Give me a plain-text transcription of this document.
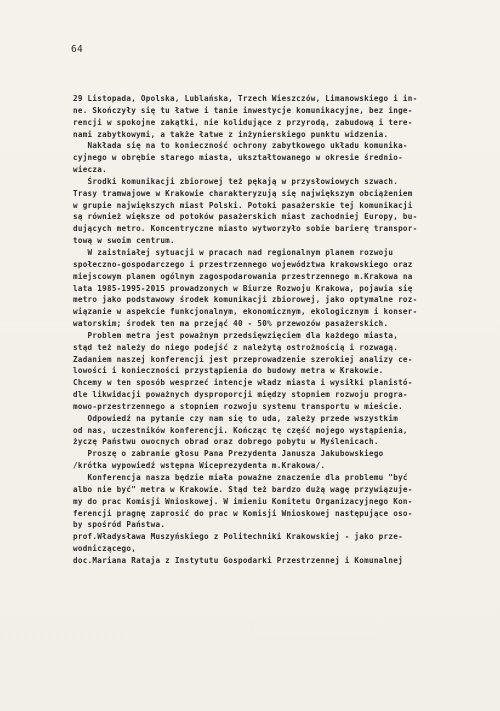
64
29 Listopada, Opolska, Lublańska, Trzech Wieszczów, Limanowskiego i in-
ne. Skończyły się tu łatwe i tanie inwestycje komunikacyjne, bez inge-
rencji w spokojne zakątki, nie kolidujące z przyrodą, zabudową i tere-
nami zabytkowymi, a także łatwe z inżynierskiego punktu widzenia.
Nakłada się na to konieczność ochrony zabytkowego układu komunika-
cyjnego w obrębie starego miasta, ukształtowanego w okresie średnio-
wiecza.
Środki komunikacji zbiorowej też pękają w przysłowiowych szwach.
Trasy tramwajowe w Krakowie charakteryzują się największym obciążeniem
w grupie największych miast Polski. Potoki pasażerskie tej komunikacji
są również większe od potoków pasażerskich miast zachodniej Europy, bu-
dujących metro. Koncentryczne miasto wytworzyło sobie barierę transpor-
tową w swoim centrum.
W zaistniałej sytuacji w pracach nad regionalnym planem rozwoju
społeczno-gospodarczego i przestrzennego województwa krakowskiego oraz
miejscowym planem ogólnym zagospodarowania przestrzennego m.Krakowa na
lata 1985-1995-2015 prowadzonych w Biurze Rozwoju Krakowa, pojawia się
metro jako podstawowy środek komunikacji zbiorowej, jako optymalne roz-
wiązanie w aspekcie funkcjonalnym, ekonomicznym, ekologicznym i konser-
watorskim; środek ten ma przejąć 40 - 50% przewozów pasażerskich.
Problem metra jest poważnym przedsięwzięciem dla każdego miasta,
stąd też należy do niego podejść z należytą ostrożnością i rozwagą.
Zadaniem naszej konferencji jest przeprowadzenie szerokiej analizy ce-
lowości i konieczności przystąpienia do budowy metra w Krakowie.
Chcemy w ten sposób wesprzeć intencje władz miasta i wysiłki planistó-
dle likwidacji poważnych dysproporcji między stopniem rozwoju progra-
mowo-przestrzennego a stopniem rozwoju systemu transportu w mieście.
Odpowiedź na pytanie czy nam się to uda, zależy przede wszystkim
od nas, uczestników konferencji. Kończąc tę część mojego wystąpienia,
życzę Państwu owocnych obrad oraz dobrego pobytu w Myślenicach.
Proszę o zabranie głosu Pana Prezydenta Janusza Jakubowskiego
/krótka wypowiedź wstępna Wiceprezydenta m.Krakowa/.
Konferencja nasza będzie miała poważne znaczenie dla problemu "być
albo nie być" metra w Krakowie. Stąd też bardzo dużą wagę przywiązuje-
my do prac Komisji Wnioskowej. W imieniu Komitetu Organizacyjnego Kon-
ferencji pragnę zaprosić do prac w Komisji Wnioskowej następujące oso-
by spośród Państwa.
prof.Władysława Muszyńskiego z Politechniki Krakowskiej - jako prze-
wodniczącego,
doc.Mariana Rataja z Instytutu Gospodarki Przestrzennej i Komunalnej
